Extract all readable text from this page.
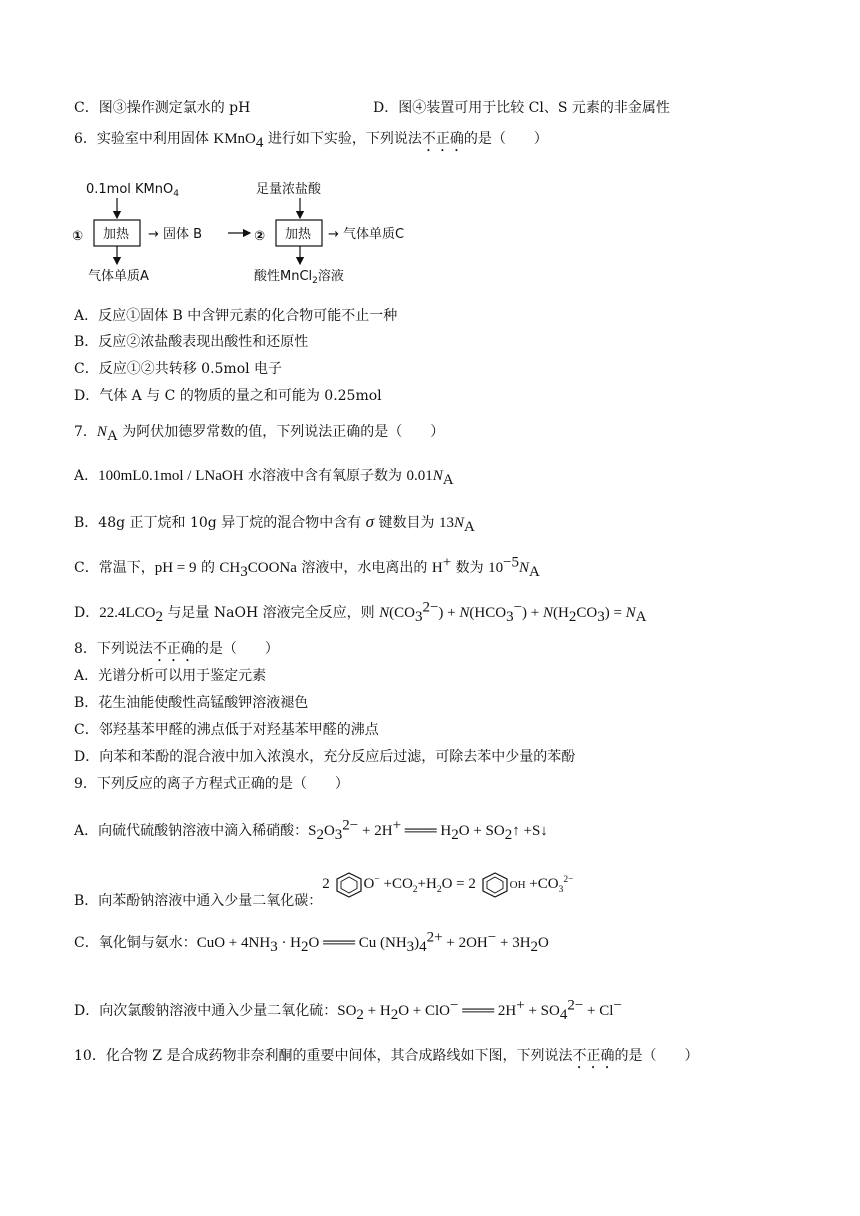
C．图③操作测定氯水的 pH	D．图④装置可用于比较 Cl、S 元素的非金属性
6．实验室中利用固体 KMnO$_4$ 进行如下实验，下列说法不正确的是（　　）
0.1mol KMnO$_4$
① 加热
气体单质A
→ 固体 B	②
足量浓盐酸
加热 → 气体单质C
酸性MnCl$_2$溶液
A．反应①固体 B 中含钾元素的化合物可能不止一种
B．反应②浓盐酸表现出酸性和还原性
C．反应①②共转移 0.5mol 电子
D．气体 A 与 C 的物质的量之和可能为 0.25mol
7．$N_A$ 为阿伏加德罗常数的值，下列说法正确的是（　　）
A．100mL0.1mol / LNaOH 水溶液中含有氧原子数为 $0.01N_A$
B．48g 正丁烷和 10g 异丁烷的混合物中含有 σ 键数目为 $13N_A$
C．常温下，pH = 9 的 $CH_3COONa$ 溶液中，水电离出的 H+ 数为 $10^{-5}N_A$
D．$22.4LCO_2$ 与足量 NaOH 溶液完全反应，则 $N(CO_3^{2-}) + N(HCO_3^-) + N(H_2CO_3) = N_A$
8．下列说法不正确的是（　　）
A．光谱分析可以用于鉴定元素
B．花生油能使酸性高锰酸钾溶液褪色
C．邻羟基苯甲醛的沸点低于对羟基苯甲醛的沸点
D．向苯和苯酚的混合液中加入浓溴水，充分反应后过滤，可除去苯中少量的苯酚
9．下列反应的离子方程式正确的是（　　）
A．向硫代硫酸钠溶液中滴入稀硝酸：$S_2O_3^{2-} + 2H^+$ ═══ $H_2O$ + $SO_2↑$ +S↓
B．向苯酚钠溶液中通入少量二氧化碳：2 $O^- +CO_2+H_2O = 2$	OH $+CO_3^{2-}$
C．氧化铜与氨水：CuO + $4NH_3 \cdot H_2O$ ═══ Cu $(NH_3)_4^{2+} + 2OH^- + 3H_2O$
D．向次氯酸钠溶液中通入少量二氧化硫：$SO_2 + H_2O + ClO^-$ ═══ $2H^+ + SO_4^{2-} + Cl^-$
10．化合物 Z 是合成药物非奈利酮的重要中间体，其合成路线如下图，下列说法不正确的是（　　）
